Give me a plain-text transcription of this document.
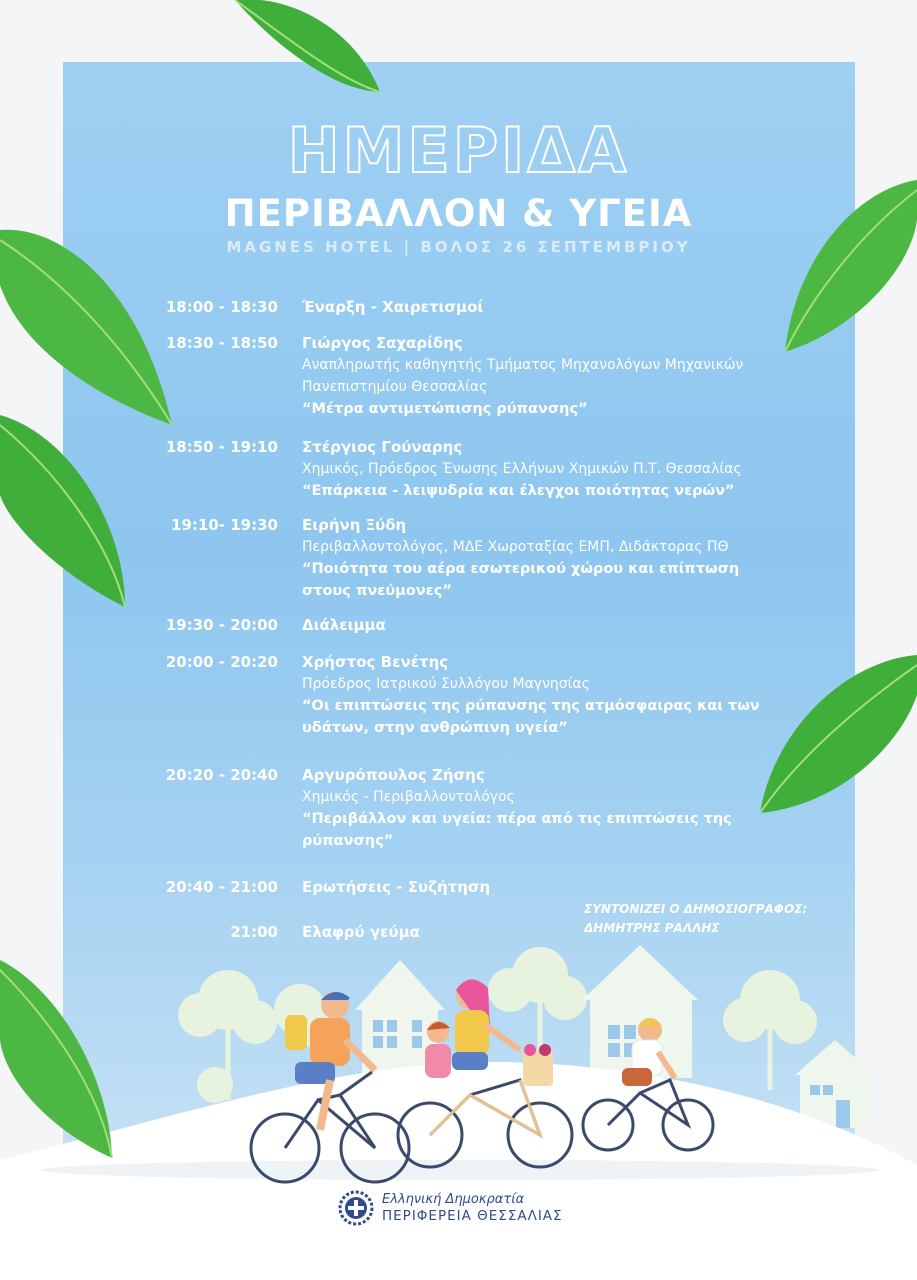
ΗΜΕΡΙΔΑ
ΠΕΡΙΒΑΛΛΟΝ & ΥΓΕΙΑ
MAGNES HOTEL | ΒΟΛΟΣ 26 ΣΕΠΤΕΜΒΡΙΟΥ
18:00 - 18:30 Έναρξη - Χαιρετισμοί
18:30 - 18:50 Γιώργος Σαχαρίδης
Αναπληρωτής καθηγητής Τμήματος Μηχανολόγων Μηχανικών
Πανεπιστημίου Θεσσαλίας
“Μέτρα αντιμετώπισης ρύπανσης”
18:50 - 19:10 Στέργιος Γούναρης
Χημικός, Πρόεδρος Ένωσης Ελλήνων Χημικών Π.Τ. Θεσσαλίας
“Επάρκεια - λειψυδρία και έλεγχοι ποιότητας νερών”
19:10- 19:30 Ειρήνη Ξύδη
Περιβαλλοντολόγος, ΜΔΕ Χωροταξίας ΕΜΠ, Διδάκτορας ΠΘ
“Ποιότητα του αέρα εσωτερικού χώρου και επίπτωση
στους πνεύμονες”
19:30 - 20:00 Διάλειμμα
20:00 - 20:20 Χρήστος Βενέτης
Πρόεδρος Ιατρικού Συλλόγου Μαγνησίας
“Οι επιπτώσεις της ρύπανσης της ατμόσφαιρας και των
υδάτων, στην ανθρώπινη υγεία”
20:20 - 20:40 Αργυρόπουλος Ζήσης
Χημικός - Περιβαλλοντολόγος
“Περιβάλλον και υγεία: πέρα από τις επιπτώσεις της
ρύπανσης”
20:40 - 21:00 Ερωτήσεις - Συζήτηση
21:00 Ελαφρύ γεύμα
ΣΥΝΤΟΝΙΖΕΙ Ο ΔΗΜΟΣΙΟΓΡΑΦΟΣ:
ΔΗΜΗΤΡΗΣ ΡΑΛΛΗΣ
Ελληνική Δημοκρατία
ΠΕΡΙΦΕΡΕΙΑ ΘΕΣΣΑΛΙΑΣ
